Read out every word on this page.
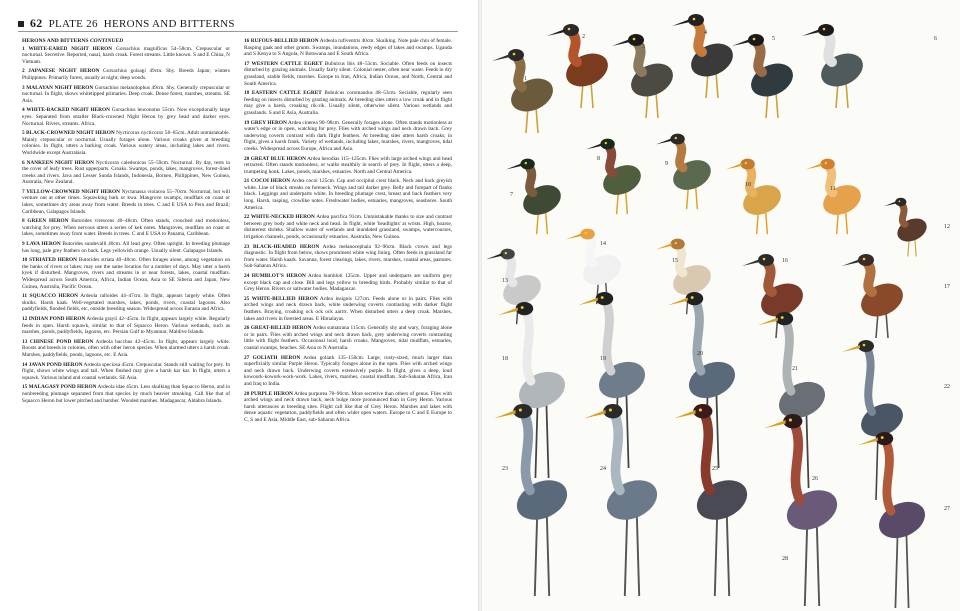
62 PLATE 26 HERONS AND BITTERNS
HERONS AND BITTERNS CONTINUED
1 WHITE-EARED NIGHT HERON Gorsachius magnificus 54–58cm. Crepuscular or nocturnal. Secretive. Reported, nasal, harsh croak. Forest streams. Little known. S and E China, N Vietnam.
2 JAPANESE NIGHT HERON Gorsachius goisagi 49cm. Shy. Breeds Japan; winters Philippines. Primarily forest, usually at night; deep woods.
3 MALAYAN NIGHT HERON Gorsachius melanolophus 49cm. Shy. Generally crepuscular or nocturnal. In flight, shows whitetipped primaries. Deep croak. Dense forest, marshes, streams. SE Asia.
4 WHITE-BACKED NIGHT HERON Gorsachius leuconotus 55cm. Now exceptionally large eyes. Separated from smaller Black-crowned Night Heron by grey head and darker eyes. Nocturnal. Rivers, streams. Africa.
5 BLACK-CROWNED NIGHT HERON Nycticorax nycticorax 58–65cm. Adult unmistakable. Mainly crepuscular or nocturnal. Usually forages alone. Various croaks given at breeding colonies. In flight, utters a barking croak. Various watery areas, including lakes and rivers. Worldwide except Australasia.
6 NANKEEN NIGHT HERON Nycticorax caledonicus 55–59cm. Nocturnal. By day, rests in the cover of leafy trees. Rust upperparts. Croaks. Swamps, ponds, lakes, mangroves, forest-lined creeks and rivers. Java and Lesser Sunda Islands, Indonesia, Borneo, Philippines, New Guinea, Australia, New Zealand.
7 YELLOW-CROWNED NIGHT HERON Nyctanassa violacea 55–70cm. Nocturnal, but will venture out at other times. Squawking bark or kwa. Mangrove swamps, mudflats on coast or lakes, sometimes dry areas away from water. Breeds in trees. C and E USA to Peru and Brazil; Caribbean, Galapagos Islands.
8 GREEN HERON Butorides virescens 40–48cm. Often stands, crouched and motionless, watching for prey. When nervous utters a series of kek notes. Mangroves, mudflats on coast or lakes, sometimes away from water. Breeds in trees. C and E USA to Panama, Caribbean.
9 LAVA HERON Butorides sundevalli 40cm. All lead grey. Often upright. In breeding plumage has long, pale grey feathers on back. Legs yellowish orange. Usually silent. Galapagos Islands.
10 STRIATED HERON Butorides striata 40–48cm. Often forages alone, among vegetation on the banks of rivers or lakes; may use the same location for a number of days. May utter a harsh kyek if disturbed. Mangroves, rivers and streams in or near forests, lakes, coastal mudflats. Widespread across South America, Africa, Indian Ocean, Asia to SE Siberia and Japan, New Guinea, Australia, Pacific Ocean.
11 SQUACCO HERON Ardeola ralloides 44–47cm. In flight, appears largely white. Often skulks. Harsh kaak. Well-vegetated marshes, lakes, ponds, rivers, coastal lagoons. Also paddyfields, flooded fields, etc, outside breeding season. Widespread across Eurasia and Africa.
12 INDIAN POND HERON Ardeola grayii 42–45cm. In flight, appears largely white. Regularly feeds in open. Harsh squawk, similar to that of Squacco Heron. Various wetlands, such as marshes, ponds, paddyfields, lagoons, etc. Persian Gulf to Myanmar, Maldive Islands.
13 CHINESE POND HERON Ardeola bacchus 42–45cm. In flight, appears largely white. Roosts and breeds in colonies, often with other heron species. When alarmed utters a harsh croak. Marshes, paddyfields, ponds, lagoons, etc. E Asia.
14 JAVAN POND HERON Ardeola speciosa 45cm. Crepuscular. Stands still waiting for prey. In flight, shows white wings and tail. When flushed may give a harsh kar kar. In flight, utters a squawk. Various inland and coastal wetlands. SE Asia.
15 MALAGASY POND HERON Ardeola idae 45cm. Less skulking than Squacco Heron, and in nonbreeding plumage separated from that species by much heavier streaking. Call like that of Squacco Heron but lower pitched and harsher. Wooded marshes. Madagascar, Aldabra Islands.
16 RUFOUS-BELLIED HERON Ardeola rufiventris 40cm. Skulking. Note pale chin of female. Rasping gaak and other grunts. Swamps, inundations, reedy edges of lakes and swamps. Uganda and S Kenya to S Angola, N Botswana and E South Africa.
17 WESTERN CATTLE EGRET Bubulcus ibis 48–53cm. Sociable. Often feeds on insects disturbed by grazing animals. Usually fairly silent. Colonial nester, often near water. Feeds in dry grassland, arable fields, marshes. Europe to Iran, Africa, Indian Ocean, and North, Central and South America.
18 EASTERN CATTLE EGRET Bubulcus coromandus 48–53cm. Sociable, regularly seen feeding on insects disturbed by grazing animals. At breeding sites utters a low croak and in flight may give a harsh, croaking rik-rik. Usually silent, otherwise silent. Various wetlands and grasslands. S and E Asia, Australia.
19 GREY HERON Ardea cinerea 90–98cm. Generally forages alone. Often stands motionless at water's edge or in open, watching for prey. Flies with arched wings and neck drawn back. Grey underwing coverts contrast with dark flight feathers. At breeding sites utters harsh croaks; in flight, gives a harsh frank. Variety of wetlands, including lakes, marshes, rivers, mangroves, tidal creeks. Widespread across Europe, Africa and Asia.
20 GREAT BLUE HERON Ardea herodias 115–125cm. Flies with large arched wings and head retracted. Often stands motionless, or walks stealthily in search of prey. In flight, utters a deep, trumpeting honk. Lakes, ponds, marshes, estuaries. North and Central America.
21 COCOI HERON Ardea cocoi 125cm. Cap and occipital crest black. Neck and back greyish white. Line of black streaks on foreneck. Wings and tail darker grey. Belly and forepart of flanks black. Leggings and underparts white. In breeding plumage crest, breast and back feathers very long. Harsh, rasping, crowlike notes. Freshwater bodies, estuaries, mangroves, seashores. South America.
22 WHITE-NECKED HERON Ardea pacifica 91cm. Unmistakable thanks to size and contrast between grey body and white neck and head. In flight, white 'headlights' at wrists. High, hoarse, disinterest shrieks. Shallow water of wetlands and inundated grassland, swamps, watercourses, irrigation channels, ponds, occasionally estuaries. Australia, New Guinea.
23 BLACK-HEADED HERON Ardea melanocephala 92–96cm. Black crown and legs diagnostic. In flight from below, shows prominent white wing lining. Often feeds in grassland far from water. Harsh kaark. Savanna, forest clearings, lakes, rivers, marshes, coastal areas, pastures. Sub-Saharan Africa.
24 HUMBLOT'S HERON Ardea humbloti 125cm. Upper and underparts are uniform grey except black cap and close. Bill and legs yellow to breeding birds. Probably similar to that of Grey Heron. Rivers or saltwater bodies. Madagascar.
25 WHITE-BELLIED HERON Ardea insignis 127cm. Feeds alone or in pairs. Flies with arched wings and neck drawn back, white underwing coverts contrasting with darker flight feathers. Braying, croaking ock ock ock aarrrr. When disturbed utters a deep croak. Marshes, lakes and rivers in forested areas. E Himalayas.
26 GREAT-BILLED HERON Ardea sumatrana 115cm. Generally shy and wary, foraging alone or in pairs. Flies with arched wings and neck drawn back, grey underwing coverts contrasting little with flight feathers. Occasional loud, harsh croaks. Mangroves, tidal mudflats, estuaries, coastal swamps, beaches. SE Asia to N Australia.
27 GOLIATH HERON Ardea goliath 135–150cm. Large, rusty-sized, much larger than superficially similar Purple Heron. Typically forages alone in the open. Flies with arched wings and neck drawn back. Underwing coverts extensively purple. In flight, gives a deep, loud kowoork-kowork-work-work. Lakes, rivers, marshes, coastal mudflats. Sub-Saharan Africa, Iran and Iraq to India.
28 PURPLE HERON Ardea purpurea 78–90cm. More secretive than others of genus. Flies with arched wings and neck drawn back, neck bulge more pronounced than in Grey Heron. Various harsh utterances at breeding sites. Flight call like that of Grey Heron. Marshes and lakes with dense aquatic vegetation, paddyfields and often wider open waters. Europe to C and E Europe to C, S and E Asia, Middle East, sub-Saharan Africa.
1
2
3
4
5	6
7
8
9
10
11
12
13
14
15	16
17
18	19
20
21
22
23	24	25
26
27
28
